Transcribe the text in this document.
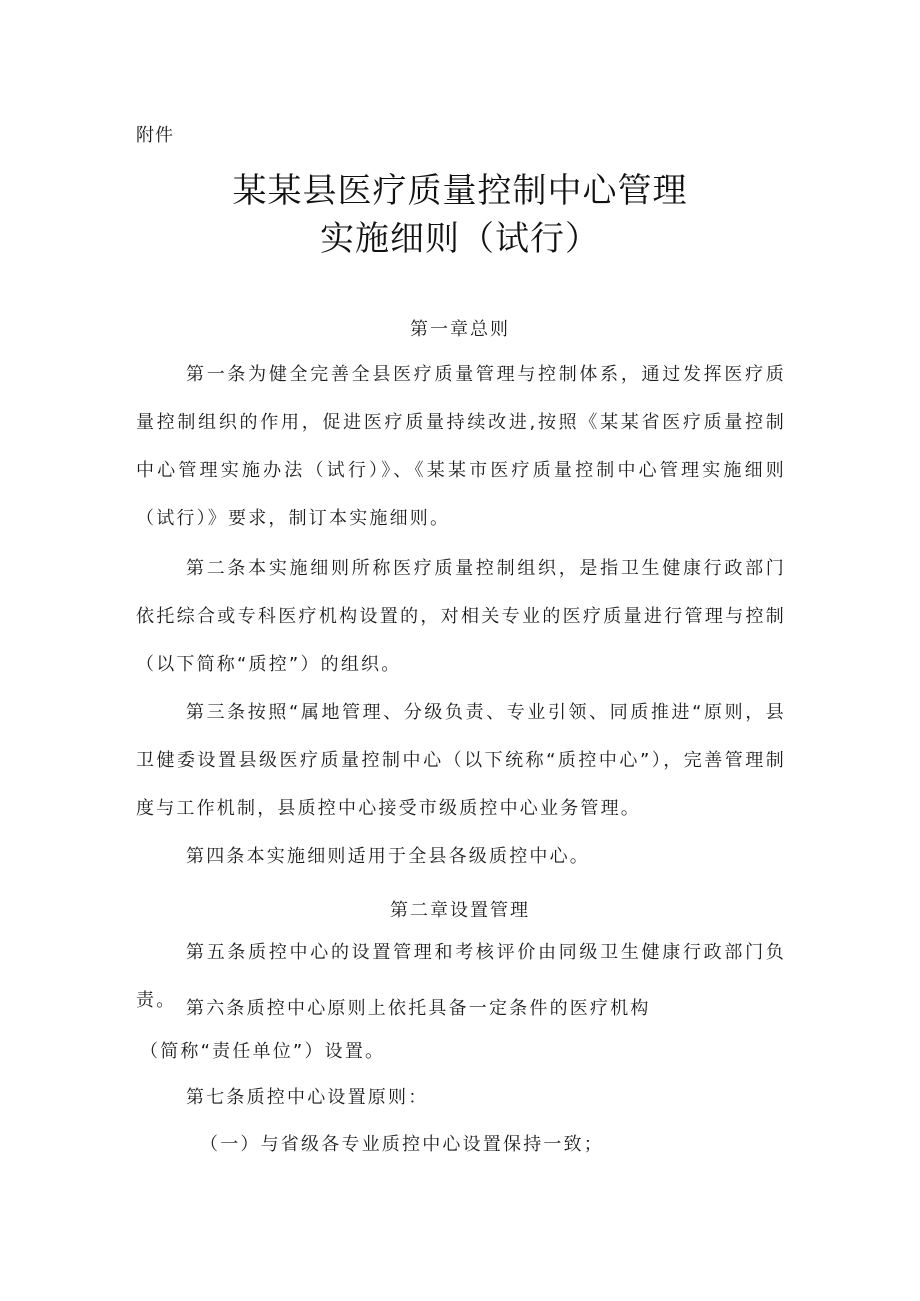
附件
某某县医疗质量控制中心管理
实施细则（试行）
第一章总则
第一条为健全完善全县医疗质量管理与控制体系，通过发挥医疗质量控制组织的作用，促进医疗质量持续改进,按照《某某省医疗质量控制中心管理实施办法（试行）》、《某某市医疗质量控制中心管理实施细则（试行）》要求，制订本实施细则。
第二条本实施细则所称医疗质量控制组织，是指卫生健康行政部门依托综合或专科医疗机构设置的，对相关专业的医疗质量进行管理与控制（以下简称“质控”）的组织。
第三条按照“属地管理、分级负责、专业引领、同质推进“原则，县卫健委设置县级医疗质量控制中心（以下统称“质控中心”），完善管理制度与工作机制，县质控中心接受市级质控中心业务管理。
第四条本实施细则适用于全县各级质控中心。
第二章设置管理
第五条质控中心的设置管理和考核评价由同级卫生健康行政部门负责。 第六条质控中心原则上依托具备一定条件的医疗机构
（简称“责任单位”）设置。
第七条质控中心设置原则：
（一）与省级各专业质控中心设置保持一致；
